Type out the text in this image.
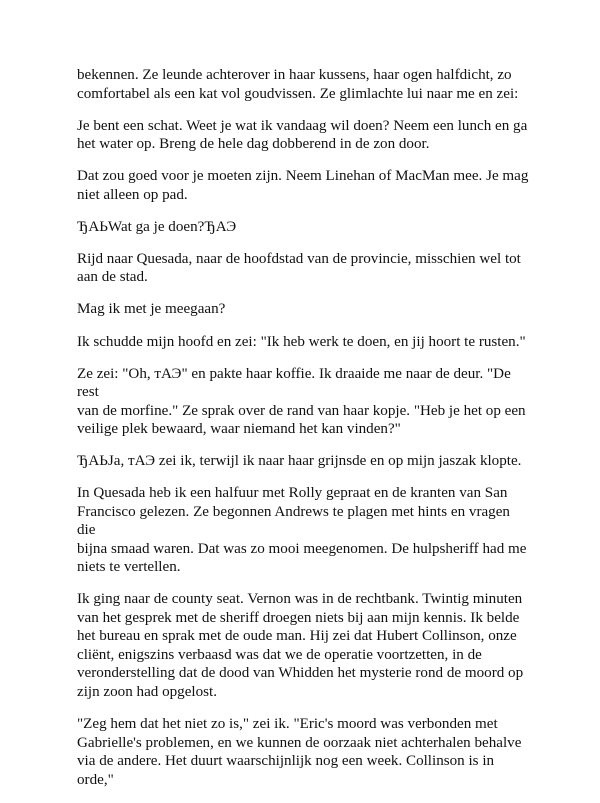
bekennen. Ze leunde achterover in haar kussens, haar ogen halfdicht, zo
comfortabel als een kat vol goudvissen. Ze glimlachte lui naar me en zei:

Je bent een schat. Weet je wat ik vandaag wil doen? Neem een lunch en ga
het water op. Breng de hele dag dobberend in de zon door.

Dat zou goed voor je moeten zijn. Neem Linehan of MacMan mee. Je mag
niet alleen op pad.

ЂАЬWat ga je doen?ЂАЭ

Rijd naar Quesada, naar de hoofdstad van de provincie, misschien wel tot
aan de stad.

Mag ik met je meegaan?

Ik schudde mijn hoofd en zei: "Ik heb werk te doen, en jij hoort te rusten."

Ze zei: "Oh, тАЭ" en pakte haar koffie. Ik draaide me naar de deur. "De rest
van de morfine." Ze sprak over de rand van haar kopje. "Heb je het op een
veilige plek bewaard, waar niemand het kan vinden?"

ЂАЬJa, тАЭ zei ik, terwijl ik naar haar grijnsde en op mijn jaszak klopte.

In Quesada heb ik een halfuur met Rolly gepraat en de kranten van San
Francisco gelezen. Ze begonnen Andrews te plagen met hints en vragen die
bijna smaad waren. Dat was zo mooi meegenomen. De hulpsheriff had me
niets te vertellen.

Ik ging naar de county seat. Vernon was in de rechtbank. Twintig minuten
van het gesprek met de sheriff droegen niets bij aan mijn kennis. Ik belde
het bureau en sprak met de oude man. Hij zei dat Hubert Collinson, onze
cliënt, enigszins verbaasd was dat we de operatie voortzetten, in de
veronderstelling dat de dood van Whidden het mysterie rond de moord op
zijn zoon had opgelost.

"Zeg hem dat het niet zo is," zei ik. "Eric's moord was verbonden met
Gabrielle's problemen, en we kunnen de oorzaak niet achterhalen behalve
via de andere. Het duurt waarschijnlijk nog een week. Collinson is in orde,"
